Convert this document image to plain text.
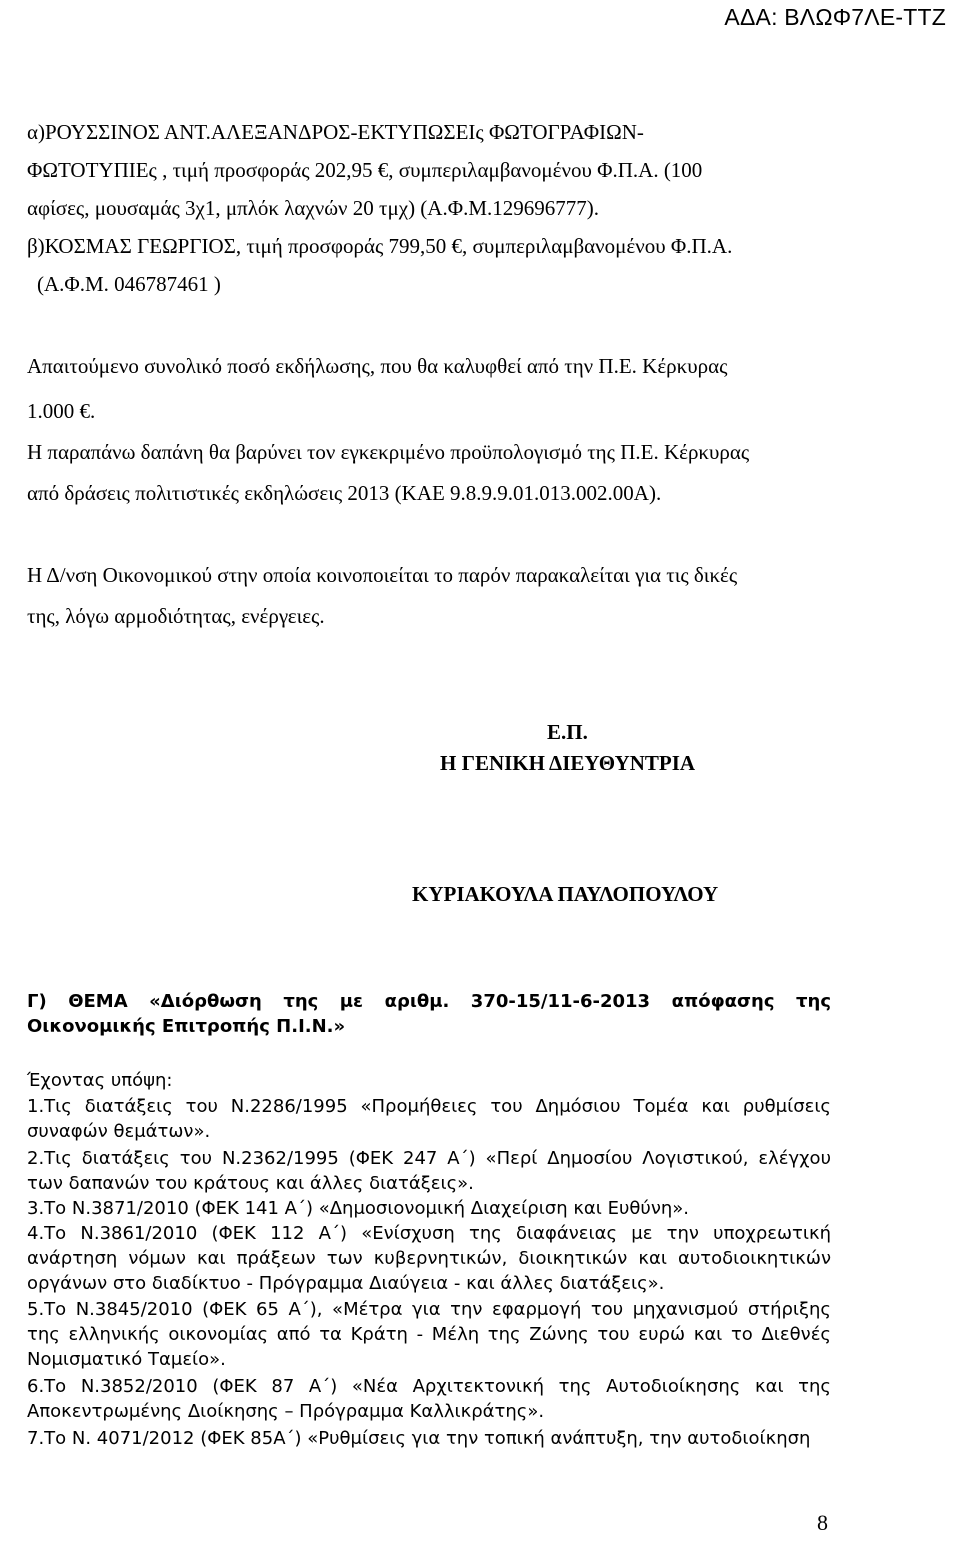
ΑΔΑ: ΒΛΩΦ7ΛΕ-ΤΤΖ
α)ΡΟΥΣΣΙΝΟΣ ΑΝΤ.ΑΛΕΞΑΝΔΡΟΣ-ΕΚΤΥΠΩΣΕΙς ΦΩΤΟΓΡΑΦΙΩΝ-
ΦΩΤΟΤΥΠΙΕς , τιμή προσφοράς 202,95 €, συμπεριλαμβανομένου Φ.Π.Α. (100
αφίσες, μουσαμάς 3χ1, μπλόκ λαχνών 20 τμχ) (Α.Φ.Μ.129696777).
β)ΚΟΣΜΑΣ ΓΕΩΡΓΙΟΣ, τιμή προσφοράς 799,50 €, συμπεριλαμβανομένου Φ.Π.Α.
(Α.Φ.Μ. 046787461 )
Απαιτούμενο συνολικό ποσό εκδήλωσης, που θα καλυφθεί από την Π.Ε. Κέρκυρας
1.000 €.
Η παραπάνω δαπάνη θα βαρύνει τον εγκεκριμένο προϋπολογισμό της Π.Ε. Κέρκυρας
από δράσεις πολιτιστικές εκδηλώσεις 2013 (ΚΑΕ 9.8.9.9.01.013.002.00Α).
Η Δ/νση Οικονομικού στην οποία κοινοποιείται το παρόν παρακαλείται για τις δικές
της, λόγω αρμοδιότητας, ενέργειες.
Ε.Π.
Η ΓΕΝΙΚΗ ΔΙΕΥΘΥΝΤΡΙΑ
ΚΥΡΙΑΚΟΥΛΑ ΠΑΥΛΟΠΟΥΛΟΥ
Γ) ΘΕΜΑ «Διόρθωση της με αριθμ. 370-15/11-6-2013 απόφασης της
Οικονομικής Επιτροπής Π.Ι.Ν.»
Έχοντας υπόψη:
1.Τις διατάξεις του Ν.2286/1995 «Προμήθειες του Δημόσιου Τομέα και ρυθμίσεις
συναφών θεμάτων».
2.Τις διατάξεις του Ν.2362/1995 (ΦΕΚ 247 Α΄) «Περί Δημοσίου Λογιστικού, ελέγχου
των δαπανών του κράτους και άλλες διατάξεις».
3.Το Ν.3871/2010 (ΦΕΚ 141 Α΄) «Δημοσιονομική Διαχείριση και Ευθύνη».
4.Το Ν.3861/2010 (ΦΕΚ 112 Α΄) «Ενίσχυση της διαφάνειας με την υποχρεωτική
ανάρτηση νόμων και πράξεων των κυβερνητικών, διοικητικών και αυτοδιοικητικών
οργάνων στο διαδίκτυο - Πρόγραμμα Διαύγεια - και άλλες διατάξεις».
5.Το Ν.3845/2010 (ΦΕΚ 65 Α΄), «Μέτρα για την εφαρμογή του μηχανισμού στήριξης
της ελληνικής οικονομίας από τα Κράτη - Μέλη της Ζώνης του ευρώ και το Διεθνές
Νομισματικό Ταμείο».
6.Το Ν.3852/2010 (ΦΕΚ 87 Α΄) «Νέα Αρχιτεκτονική της Αυτοδιοίκησης και της
Αποκεντρωμένης Διοίκησης – Πρόγραμμα Καλλικράτης».
7.Το Ν. 4071/2012 (ΦΕΚ 85Α΄) «Ρυθμίσεις για την τοπική ανάπτυξη, την αυτοδιοίκηση
8
